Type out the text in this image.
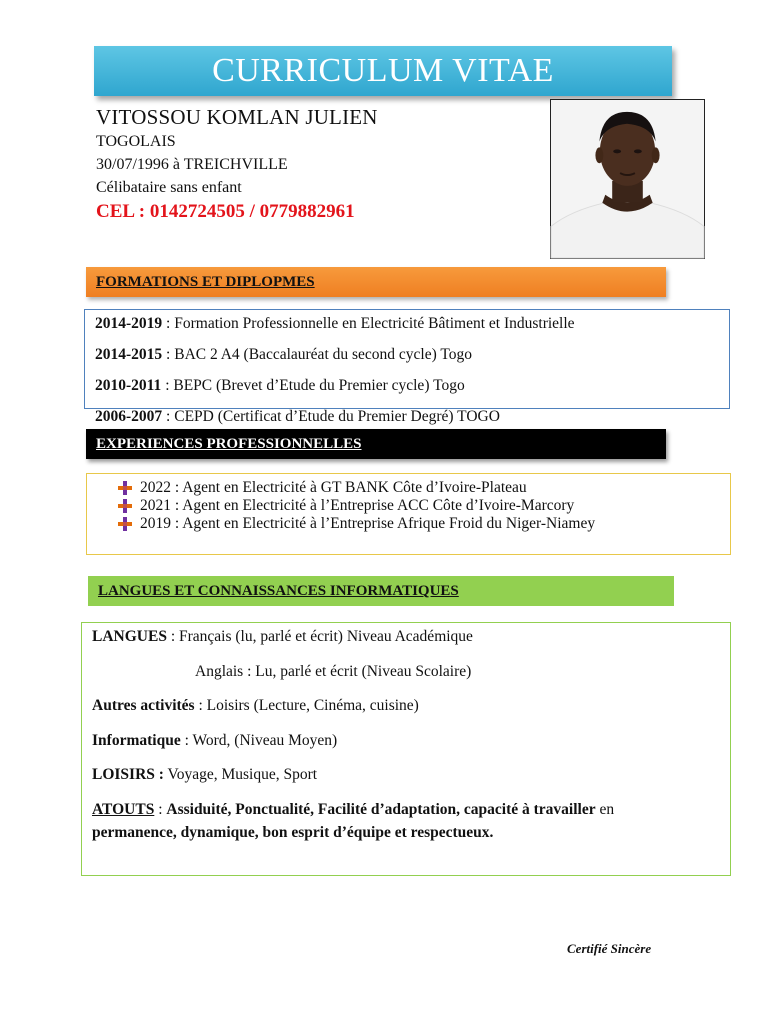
CURRICULUM VITAE
VITOSSOU KOMLAN JULIEN
TOGOLAIS
30/07/1996 à TREICHVILLE
Célibataire sans enfant
CEL : 0142724505 / 0779882961
FORMATIONS ET DIPLOPMES
2014-2019 : Formation Professionnelle en Electricité Bâtiment et Industrielle
2014-2015 : BAC 2 A4 (Baccalauréat du second cycle) Togo
2010-2011 : BEPC (Brevet d’Etude du Premier cycle) Togo
2006-2007 : CEPD (Certificat d’Etude du Premier Degré) TOGO
EXPERIENCES PROFESSIONNELLES
2022 : Agent en Electricité à GT BANK Côte d’Ivoire-Plateau
2021 : Agent en Electricité à l’Entreprise ACC Côte d’Ivoire-Marcory
2019 : Agent en Electricité à l’Entreprise Afrique Froid du Niger-Niamey
LANGUES ET CONNAISSANCES INFORMATIQUES
LANGUES : Français (lu, parlé et écrit) Niveau Académique
Anglais : Lu, parlé et écrit (Niveau Scolaire)
Autres activités : Loisirs (Lecture, Cinéma, cuisine)
Informatique : Word, (Niveau Moyen)
LOISIRS : Voyage, Musique, Sport
ATOUTS : Assiduité, Ponctualité, Facilité d’adaptation, capacité à travailler en
permanence, dynamique, bon esprit d’équipe et respectueux.
Certifié Sincère
